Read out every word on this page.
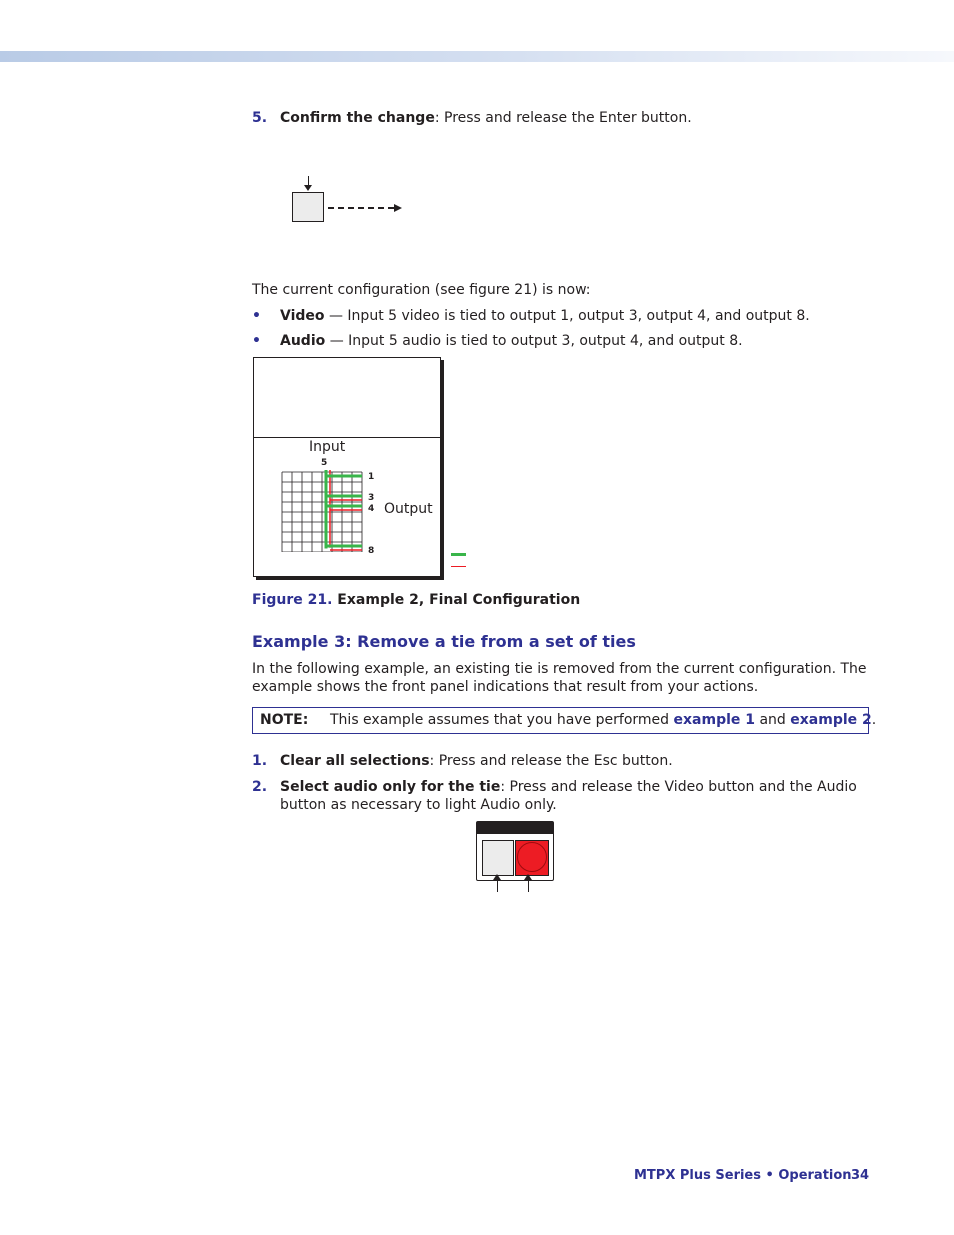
5. Confirm the change: Press and release the Enter button.
The current configuration (see figure 21) is now:
• Video — Input 5 video is tied to output 1, output 3, output 4, and output 8.
• Audio — Input 5 audio is tied to output 3, output 4, and output 8.
Input
Output
5
1
3
4
8
Figure 21. Example 2, Final Configuration
Example 3: Remove a tie from a set of ties
In the following example, an existing tie is removed from the current configuration. The
example shows the front panel indications that result from your actions.
NOTE: This example assumes that you have performed example 1 and example 2.
1. Clear all selections: Press and release the Esc button.
2. Select audio only for the tie: Press and release the Video button and the Audio
button as necessary to light Audio only.
MTPX Plus Series • Operation 34
